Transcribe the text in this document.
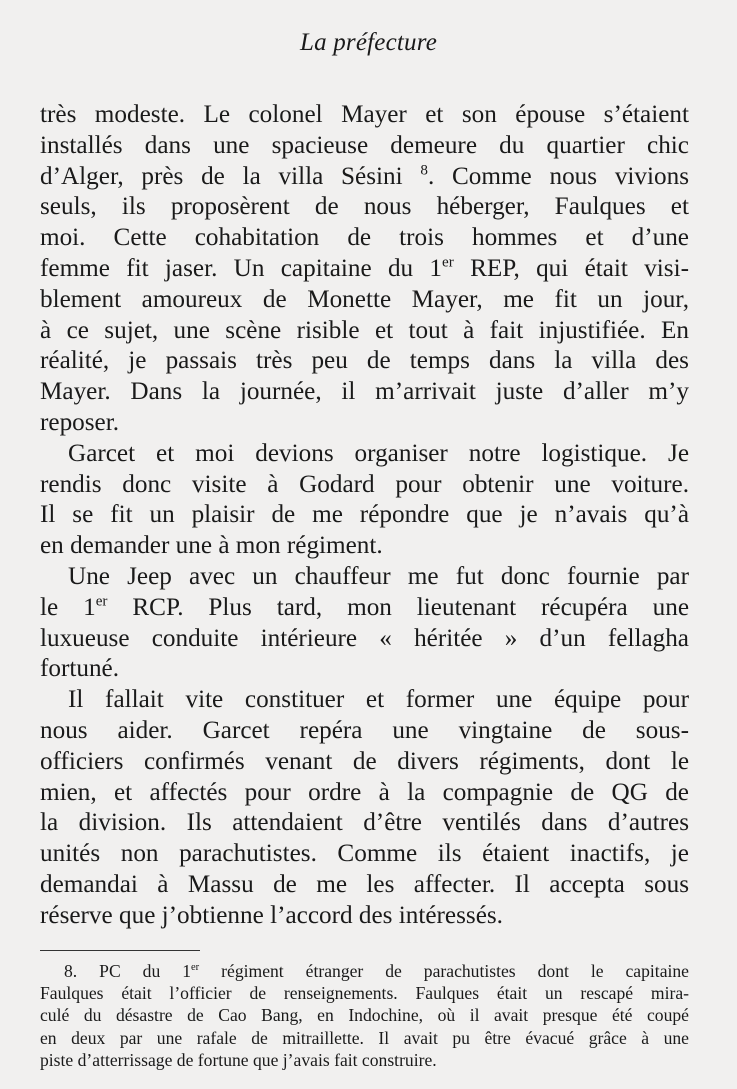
La préfecture

très modeste. Le colonel Mayer et son épouse s’étaient
installés dans une spacieuse demeure du quartier chic
d’Alger, près de la villa Sésini $^8$. Comme nous vivions
seuls, ils proposèrent de nous héberger, Faulques et
moi. Cette cohabitation de trois hommes et d’une
femme fit jaser. Un capitaine du 1er REP, qui était visi-
blement amoureux de Monette Mayer, me fit un jour,
à ce sujet, une scène risible et tout à fait injustifiée. En
réalité, je passais très peu de temps dans la villa des
Mayer. Dans la journée, il m’arrivait juste d’aller m’y
reposer.

Garcet et moi devions organiser notre logistique. Je
rendis donc visite à Godard pour obtenir une voiture.
Il se fit un plaisir de me répondre que je n’avais qu’à
en demander une à mon régiment.

Une Jeep avec un chauffeur me fut donc fournie par
le 1er RCP. Plus tard, mon lieutenant récupéra une
luxueuse conduite intérieure « héritée » d’un fellagha
fortuné.

Il fallait vite constituer et former une équipe pour
nous aider. Garcet repéra une vingtaine de sous-
officiers confirmés venant de divers régiments, dont le
mien, et affectés pour ordre à la compagnie de QG de
la division. Ils attendaient d’être ventilés dans d’autres
unités non parachutistes. Comme ils étaient inactifs, je
demandai à Massu de me les affecter. Il accepta sous
réserve que j’obtienne l’accord des intéressés.

8. PC du 1er régiment étranger de parachutistes dont le capitaine
Faulques était l’officier de renseignements. Faulques était un rescapé mira-
culé du désastre de Cao Bang, en Indochine, où il avait presque été coupé
en deux par une rafale de mitraillette. Il avait pu être évacué grâce à une
piste d’atterrissage de fortune que j’avais fait construire.
